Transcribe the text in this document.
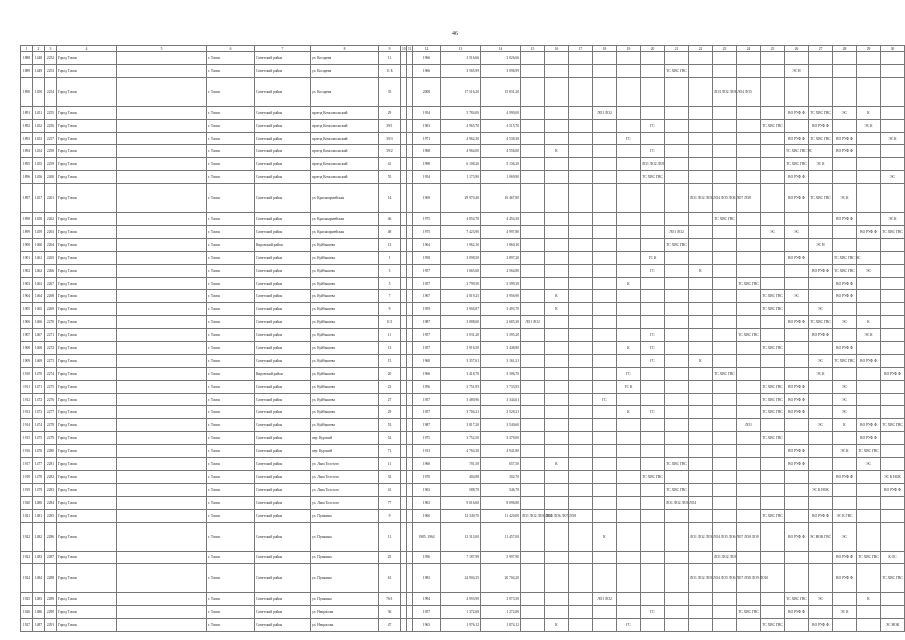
46
1	2	3	4	5	6	7	8	9	10	11	12	13	14	15	16	17	18	19	20	21	22	23	24	25	26	27	28	29	30	
1888	1448	2252	Город Томск		г. Томск	Советский район	ул. Косарева	11			1966	3 516,66	3 026,66																			
1889	1449	2253	Город Томск		г. Томск	Советский район	ул. Косарева	11 Б			1966	3 565,99	3 096,99							ТС ХВС ГВС					ЭС Н							
1890	1450	2254	Город Томск		г. Томск	Советский район	ул. Косарева	35			2008	17 516,20	15 831,20									ЛОЗ ЛО2 ЛОЗ ЛО4 ЛО5										
1891	1451	2255	Город Томск		г. Томск	Советский район	проезд Комсомольский	29			1954	5 784,00	4 990,00				ЛО1 ЛО2								ВО РУФ Ф	ТС ХВС ГВС	ЭС	К				
1892	1452	2256	Город Томск		г. Томск	Советский район	проезд Комсомольский	39/1			1963	4 965,70	4 515,70						ГС					ТС ХВС ГВС		ВО РУФ Ф		ЭС К				
1893	1453	2257	Город Томск		г. Томск	Советский район	проезд Комсомольский	39/3			1971	4 962,30	4 538,30					ГС							ВО РУФ Ф	ТС ХВС ГВС	ВО РУФ Ф		ЭС К			
1894	1454	2258	Город Томск		г. Томск	Советский район	проезд Комсомольский	39/2			1968	4 964,00	4 556,00		К				ГС						ТС ХВС ГВС ЭС		ВО РУФ Ф					
1895	1455	2259	Город Томск		г. Томск	Советский район	проезд Комсомольский	41			1998	6 108,20	5 136,20						ЛО1 ЛО2 ЛО5						ТС ХВС ГВС	ЭС К						
1896	1456	2260	Город Томск		г. Томск	Советский район	проезд Комсомольский	55			1954	1 173,90	1 069,90						ТС ХВС ГВС						ВО РУФ Ф				ЭС			
1897	1457	2261	Город Томск		г. Томск	Советский район	ул. Красноармейская	14			1969	29 970,40	16 467,80								ЛО1 ЛО2 ЛО3 ЛО4 ЛО5 ЛО6 ЛО7 ЛО8				ВО РУФ Ф	ТС ХВС ГВС	ЭС К					
1898	1458	2262	Город Томск		г. Томск	Советский район	ул. Красноармейская	46			1975	4 854,70	4 454,30									ТС ХВС ГВС					ВО РУФ Ф		ЭС К			
1899	1459	2263	Город Томск		г. Томск	Советский район	ул. Красноармейская	48			1975	7 423,90	4 997,80							ЛО1 ЛО2				ЭС	ЭС			ВО РУФ Ф	ТС ХВС ГВС			
1900	1460	2264	Город Томск		г. Томск	Кировский район	ул. Куйбышева	13			1964	1 962,10	1 860,10							ТС ХВС ГВС						ЭС Н						
1901	1461	2265	Город Томск		г. Томск	Советский район	ул. Куйбышева	1			1958	3 098,50	2 897,20						ГС К						ВО РУФ Ф		ТС ХВС ГВС ЭС					
1902	1462	2266	Город Томск		г. Томск	Советский район	ул. Куйбышева	3			1957	1 065,60	2 564,80						ГС		К					ВО РУФ Ф	ТС ХВС ГВС	ЭС				
1903	1463	2267	Город Томск		г. Томск	Советский район	ул. Куйбышева	5			1957	3 799,50	3 399,30					К					ТС ХВС ГВС				ВО РУФ Ф					
1904	1464	2268	Город Томск		г. Томск	Советский район	ул. Куйбышева	7			1967	4 019,25	3 956,90		К									ТС ХВС ГВС	ЭС		ВО РУФ Ф					
1905	1465	2269	Город Томск		г. Томск	Советский район	ул. Куйбышева	9			1959	3 904,87	3 493,70		К									ТС ХВС ГВС		ЭС						
1906	1466	2270	Город Томск		г. Томск	Советский район	ул. Куйбышева	11/1			1987	3 088,60	2 685,30	ЛО1 ЛО2											ВО РУФ Ф	ТС ХВС ГВС	ЭС	К				
1907	1467	2271	Город Томск		г. Томск	Советский район	ул. Куйбышева	11			1957	3 931,20	3 395,20						ГС				ТС ХВС ГВС			ВО РУФ Ф		ЭС К				
1908	1468	2272	Город Томск		г. Томск	Советский район	ул. Куйбышева	13			1957	3 916,50	3 448,80					К	ГС					ТС ХВС ГВС			ВО РУФ Ф					
1909	1469	2273	Город Томск		г. Томск	Советский район	ул. Куйбышева	15			1960	3 357,61	3 161,21						ГС		К					ЭС	ТС ХВС ГВС	ВО РУФ Ф				
1910	1470	2274	Город Томск		г. Томск	Кировский район	ул. Куйбышева	20			1966	3 418,70	3 306,70					ГС				ТС ХВС ГВС				ЭС К			ВО РУФ Ф			
1911	1471	2275	Город Томск		г. Томск	Советский район	ул. Куйбышева	23			1956	3 751,95	3 733,95					ГС К						ТС ХВС ГВС	ВО РУФ Ф		ЭС					
1912	1472	2276	Город Томск		г. Томск	Советский район	ул. Куйбышева	27			1957	3 480,96	3 344,61				ГС							ТС ХВС ГВС	ВО РУФ Ф		ЭС					
1913	1473	2277	Город Томск		г. Томск	Советский район	ул. Куйбышева	29			1957	3 704,21	3 528,21					К	ГС					ТС ХВС ГВС	ВО РУФ Ф		ЭС					
1914	1474	2278	Город Томск		г. Томск	Советский район	ул. Куйбышева	53			1987	3 817,20	3 540,60										ЛО1			ЭС	К	ВО РУФ Ф	ТС ХВС ГВС			
1915	1475	2279	Город Томск		г. Томск	Советский район	пер. Курский	52			1975	3 752,50	3 379,00											ТС ХВС ГВС				ВО РУФ Ф				
1916	1476	2280	Город Томск		г. Томск	Советский район	пер. Курский	71			1913	4 764,30	4 941,80												ВО РУФ Ф		ЭС К	ТС ХВС ГВС				
1917	1477	2281	Город Томск		г. Томск	Советский район	ул. Льва Толстого	11			1960	701,50	657,50		К					ТС ХВС ГВС					ВО РУФ Ф			ЭС				
1918	1478	2282	Город Томск		г. Томск	Советский район	ул. Льва Толстого	33			1970	404,88	302,70						ТС ХВС ГВС								ВО РУФ Ф		ЭС К НОК			
1919	1479	2283	Город Томск		г. Томск	Советский район	ул. Льва Толстого	41			1963	588,70	546,70							ТС ХВС ГВС						ЭС К НОК			ВО РУФ Ф			
1920	1480	2284	Город Томск		г. Томск	Советский район	ул. Льва Толстого	77			1963	9 016,60	8 096,80							ЛО1 ЛО2 ЛО3 ЛО4												
1921	1481	2285	Город Томск		г. Томск	Советский район	ул. Пушкина	9			1960	12 349,70	11 420,00	ЛО1 ЛО2 ЛО3 ЛО4	ЛО5 ЛО6 ЛО7 ЛО8									ТС ХВС ГВС		ВО РУФ Ф	ЭС К ГВС					
1922	1482	2286	Город Томск		г. Томск	Советский район	ул. Пушкина	11			1985, 1964	12 313,00	11 457,00				К				ЛО1 ЛО2 ЛО3 ЛО4 ЛО5 ЛО6 ЛО7 ЛО8 ЛО9				ВО РУФ Ф	ЭС НОК ГВС	ЭС					
1923	1483	2287	Город Томск		г. Томск	Советский район	ул. Пушкина	25			1956	7 187,99	5 997,90									ЛО1 ЛО2 ЛО3					ВО РУФ Ф	ТС ХВС ГВС	К ОС			
1924	1484	2288	Город Томск		г. Томск	Советский район	ул. Пушкина	61			1983	24 904,35	20 704,20								ЛО1 ЛО2 ЛО3 ЛО4 ЛО5 ЛО6 ЛО7 ЛО8 ЛО9 ЛО10						ВО РУФ Ф		ТС ХВС ГВС			
1925	1485	2289	Город Томск		г. Томск	Советский район	ул. Пушкина	76/1			1994	4 993,90	3 973,50				ЛО1 ЛО2								ТС ХВС ГВС	ЭС		К				
1926	1486	2290	Город Томск		г. Томск	Советский район	ул. Некрасова	36			1957	1 372,68	1 272,80						ГС				ТС ХВС ГВС		ВО РУФ Ф		ЭС К					
1927	1487	2291	Город Томск		г. Томск	Советский район	ул. Некрасова	47			1963	1 976,12	1 874,12		К			ГС						ТС ХВС ГВС		ВО РУФ Ф			ЭС НОК			
